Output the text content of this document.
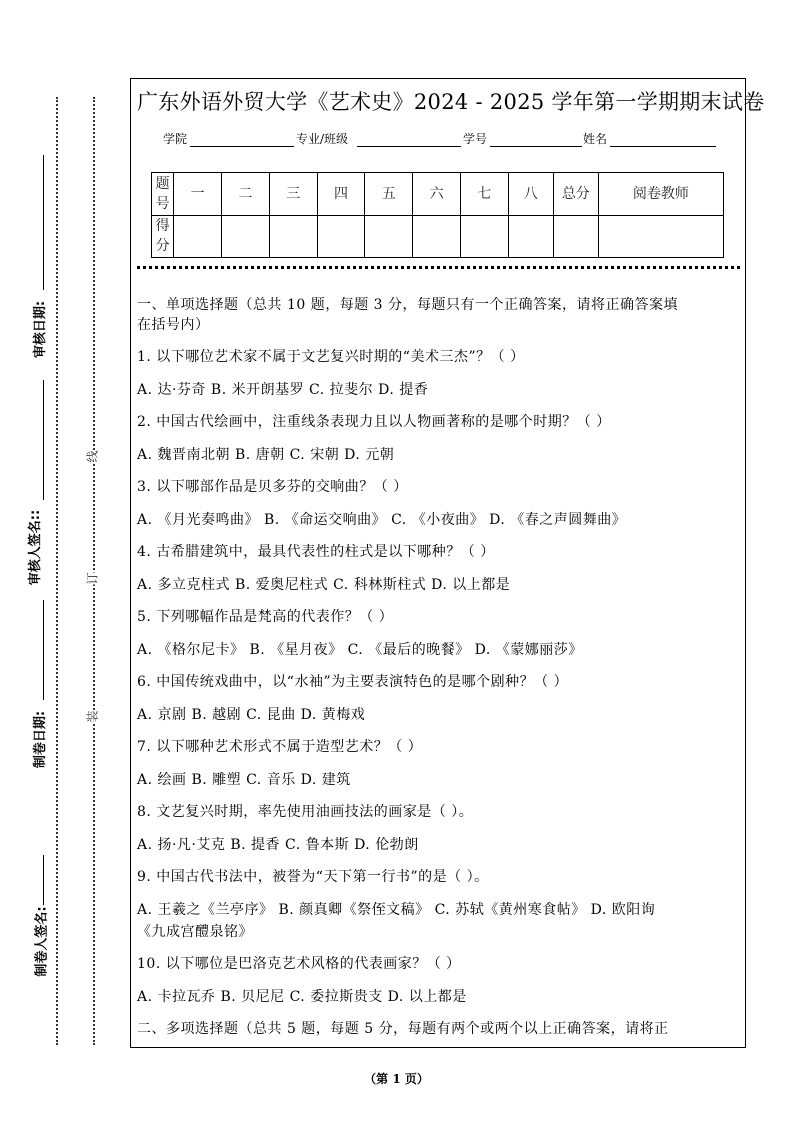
制卷人签名:
制卷日期:
审核人签名::
审核日期:
装
订
线
广东外语外贸大学《艺术史》2024 - 2025 学年第一学期期末试卷
学院	专业/班级	学号	姓名
题号	一	二	三	四	五	六	七	八	总分	阅卷教师
得分										
一、单项选择题（总共 10 题，每题 3 分，每题只有一个正确答案，请将正确答案填
在括号内）
1. 以下哪位艺术家不属于文艺复兴时期的“美术三杰”？（ ）
A. 达·芬奇 B. 米开朗基罗 C. 拉斐尔 D. 提香
2. 中国古代绘画中，注重线条表现力且以人物画著称的是哪个时期？（ ）
A. 魏晋南北朝 B. 唐朝 C. 宋朝 D. 元朝
3. 以下哪部作品是贝多芬的交响曲？（ ）
A. 《月光奏鸣曲》 B. 《命运交响曲》 C. 《小夜曲》 D. 《春之声圆舞曲》
4. 古希腊建筑中，最具代表性的柱式是以下哪种？（ ）
A. 多立克柱式 B. 爱奥尼柱式 C. 科林斯柱式 D. 以上都是
5. 下列哪幅作品是梵高的代表作？（ ）
A. 《格尔尼卡》 B. 《星月夜》 C. 《最后的晚餐》 D. 《蒙娜丽莎》
6. 中国传统戏曲中，以“水袖”为主要表演特色的是哪个剧种？（ ）
A. 京剧 B. 越剧 C. 昆曲 D. 黄梅戏
7. 以下哪种艺术形式不属于造型艺术？（ ）
A. 绘画 B. 雕塑 C. 音乐 D. 建筑
8. 文艺复兴时期，率先使用油画技法的画家是（ ）。
A. 扬·凡·艾克 B. 提香 C. 鲁本斯 D. 伦勃朗
9. 中国古代书法中，被誉为“天下第一行书”的是（ ）。
A. 王羲之《兰亭序》 B. 颜真卿《祭侄文稿》 C. 苏轼《黄州寒食帖》 D. 欧阳询
《九成宫醴泉铭》
10. 以下哪位是巴洛克艺术风格的代表画家？（ ）
A. 卡拉瓦乔 B. 贝尼尼 C. 委拉斯贵支 D. 以上都是
二、多项选择题（总共 5 题，每题 5 分，每题有两个或两个以上正确答案，请将正
（第 1 页）
